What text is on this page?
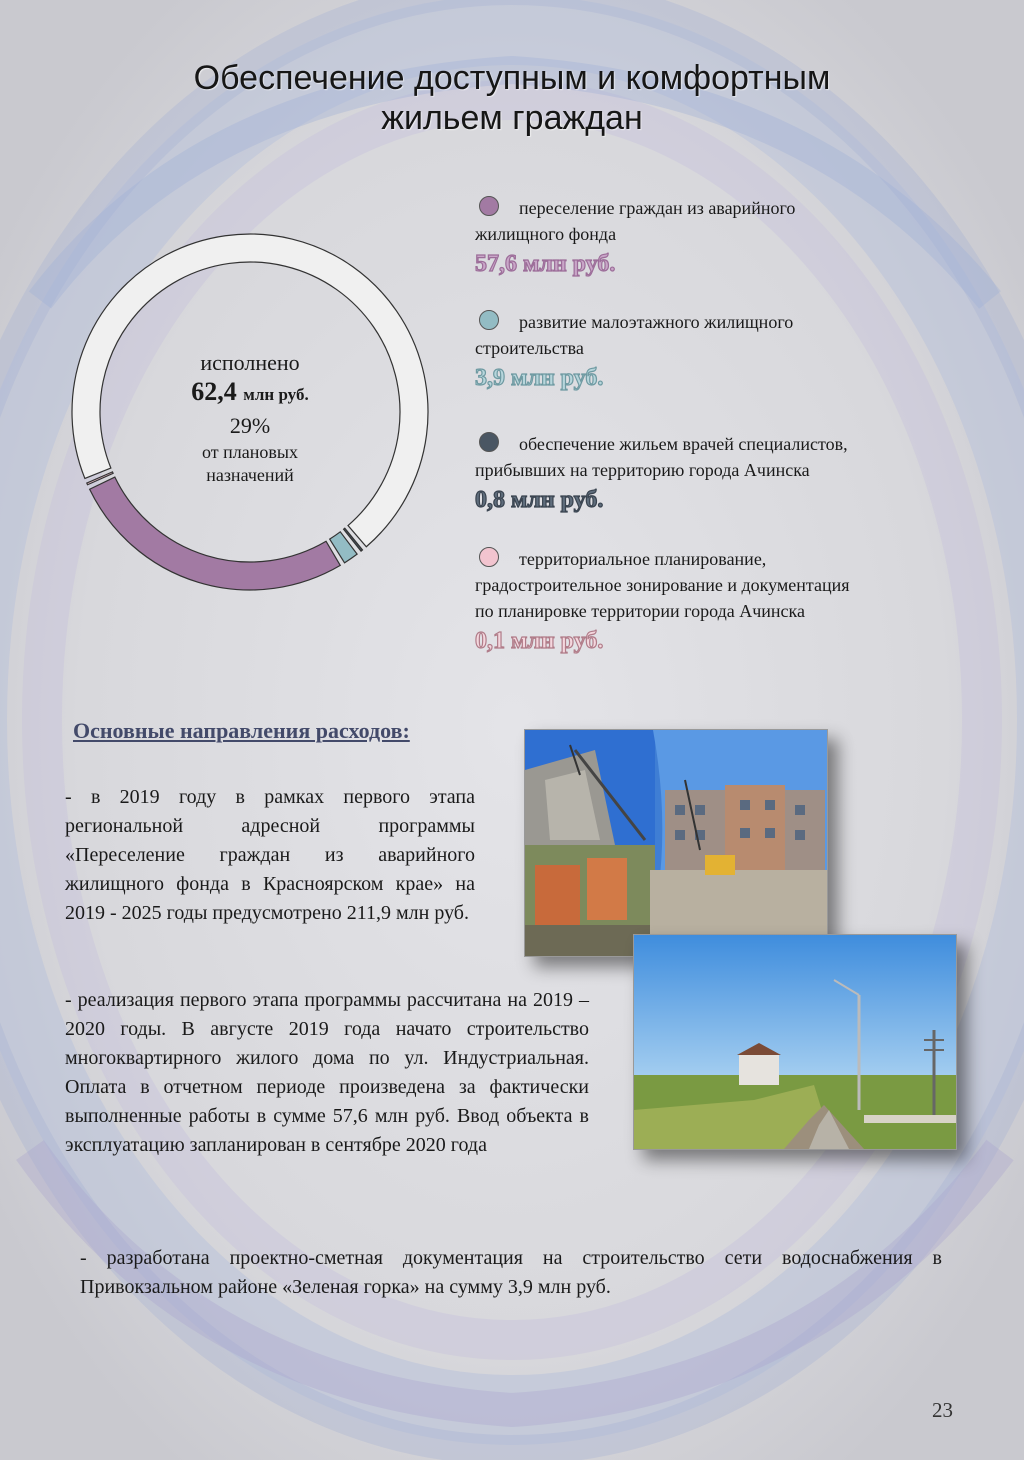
Обеспечение доступным и комфортным
жильем граждан
исполнено
62,4 млн руб.
29%
от плановых
назначений
переселение граждан из аварийного
жилищного фонда
57,6 млн руб.
развитие малоэтажного жилищного
строительства
3,9 млн руб.
обеспечение жильем врачей специалистов,
прибывших на территорию города Ачинска
0,8 млн руб.
территориальное планирование,
градостроительное зонирование и документация
по планировке территории города Ачинска
0,1 млн руб.
Основные направления расходов:
- в 2019 году в рамках первого этапа региональной адресной программы «Переселение граждан из аварийного жилищного фонда в Красноярском крае» на 2019 - 2025 годы предусмотрено 211,9 млн руб.
- реализация первого этапа программы рассчитана на 2019 – 2020 годы. В августе 2019 года начато строительство многоквартирного жилого дома по ул. Индустриальная. Оплата в отчетном периоде произведена за фактически выполненные работы в сумме 57,6 млн руб. Ввод объекта в эксплуатацию запланирован в сентябре 2020 года
- разработана проектно-сметная документация на строительство сети водоснабжения в Привокзальном районе «Зеленая горка» на сумму 3,9 млн руб.
23
